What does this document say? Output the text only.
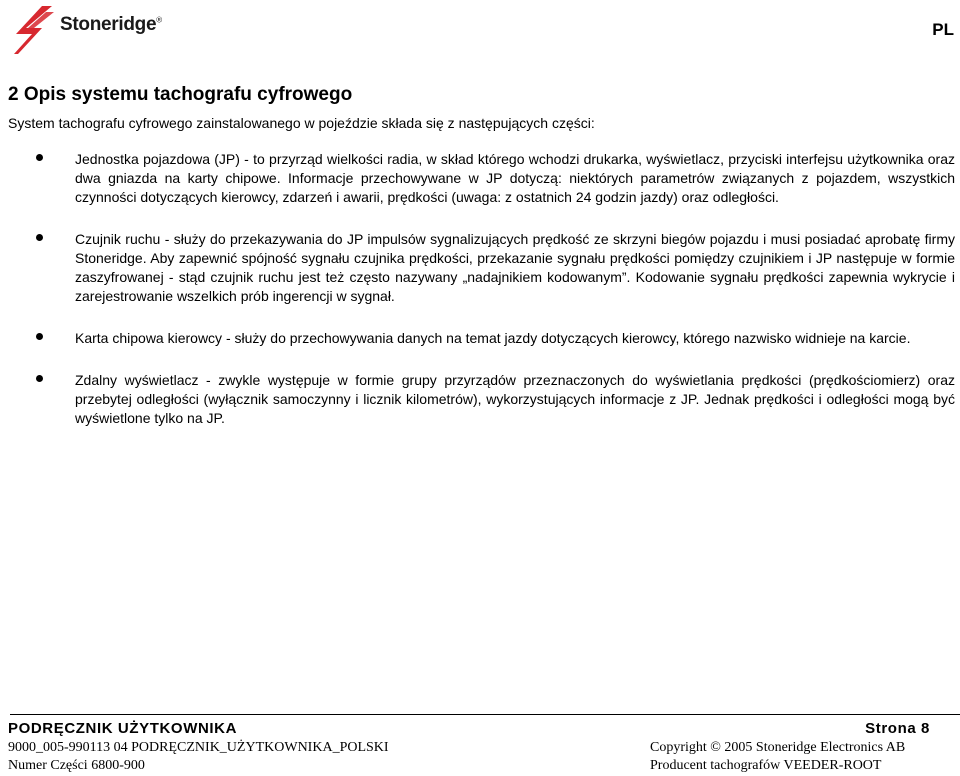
Stoneridge®	PL
2 Opis systemu tachografu cyfrowego

System tachografu cyfrowego zainstalowanego w pojeździe składa się z następujących części:

Jednostka pojazdowa (JP) - to przyrząd wielkości radia, w skład którego wchodzi drukarka, wyświetlacz, przyciski interfejsu użytkownika oraz dwa gniazda na karty chipowe. Informacje przechowywane w JP dotyczą: niektórych parametrów związanych z pojazdem, wszystkich czynności dotyczących kierowcy, zdarzeń i awarii, prędkości (uwaga: z ostatnich 24 godzin jazdy) oraz odległości.

Czujnik ruchu - służy do przekazywania do JP impulsów sygnalizujących prędkość ze skrzyni biegów pojazdu i musi posiadać aprobatę firmy Stoneridge. Aby zapewnić spójność sygnału czujnika prędkości, przekazanie sygnału prędkości pomiędzy czujnikiem i JP następuje w formie zaszyfrowanej - stąd czujnik ruchu jest też często nazywany „nadajnikiem kodowanym”. Kodowanie sygnału prędkości zapewnia wykrycie i zarejestrowanie wszelkich prób ingerencji w sygnał.

Karta chipowa kierowcy - służy do przechowywania danych na temat jazdy dotyczących kierowcy, którego nazwisko widnieje na karcie.

Zdalny wyświetlacz - zwykle występuje w formie grupy przyrządów przeznaczonych do wyświetlania prędkości (prędkościomierz) oraz przebytej odległości (wyłącznik samoczynny i licznik kilometrów), wykorzystujących informacje z JP. Jednak prędkości i odległości mogą być wyświetlone tylko na JP.

PODRĘCZNIK UŻYTKOWNIKA	Strona 8
9000_005-990113 04 PODRĘCZNIK_UŻYTKOWNIKA_POLSKI
Numer Części 6800-900
Copyright © 2005 Stoneridge Electronics AB
Producent tachografów VEEDER-ROOT
